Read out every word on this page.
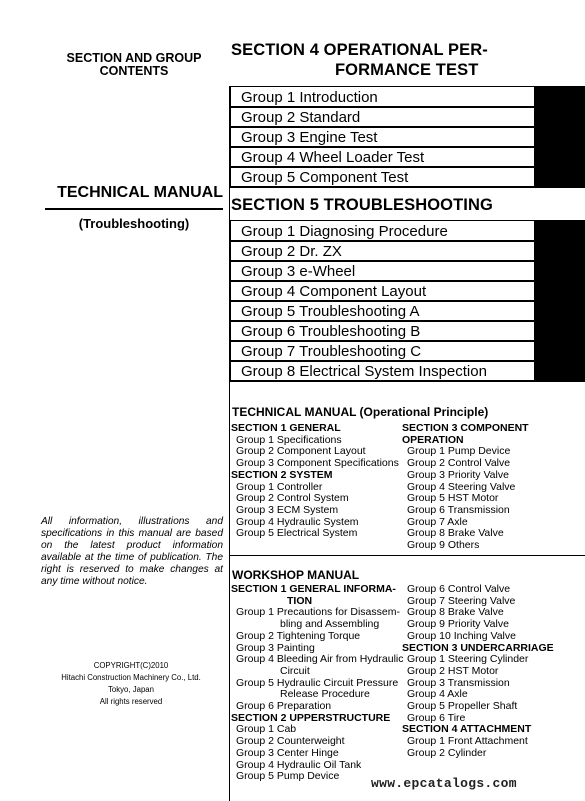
SECTION AND GROUP
CONTENTS
TECHNICAL MANUAL
(Troubleshooting)
All information, illustrations and specifications in this manual are based on the latest product information available at the time of publication. The right is reserved to make changes at any time without notice.
COPYRIGHT(C)2010
Hitachi Construction Machinery Co., Ltd.
Tokyo, Japan
All rights reserved
SECTION 4 OPERATIONAL PER-
FORMANCE TEST
Group 1 Introduction
Group 2 Standard
Group 3 Engine Test
Group 4 Wheel Loader Test
Group 5 Component Test
SECTION 5 TROUBLESHOOTING
Group 1 Diagnosing Procedure
Group 2 Dr. ZX
Group 3 e-Wheel
Group 4 Component Layout
Group 5 Troubleshooting A
Group 6 Troubleshooting B
Group 7 Troubleshooting C
Group 8 Electrical System Inspection
TECHNICAL MANUAL (Operational Principle)
SECTION 1 GENERAL
Group 1 Specifications
Group 2 Component Layout
Group 3 Component Specifications
SECTION 2 SYSTEM
Group 1 Controller
Group 2 Control System
Group 3 ECM System
Group 4 Hydraulic System
Group 5 Electrical System
SECTION 3 COMPONENT OPERATION
Group 1 Pump Device
Group 2 Control Valve
Group 3 Priority Valve
Group 4 Steering Valve
Group 5 HST Motor
Group 6 Transmission
Group 7 Axle
Group 8 Brake Valve
Group 9 Others
WORKSHOP MANUAL
SECTION 1 GENERAL INFORMA-
TION
Group 1 Precautions for Disassem-
bling and Assembling
Group 2 Tightening Torque
Group 3 Painting
Group 4 Bleeding Air from Hydraulic
Circuit
Group 5 Hydraulic Circuit Pressure
Release Procedure
Group 6 Preparation
SECTION 2 UPPERSTRUCTURE
Group 1 Cab
Group 2 Counterweight
Group 3 Center Hinge
Group 4 Hydraulic Oil Tank
Group 5 Pump Device
Group 6 Control Valve
Group 7 Steering Valve
Group 8 Brake Valve
Group 9 Priority Valve
Group 10 Inching Valve
SECTION 3 UNDERCARRIAGE
Group 1 Steering Cylinder
Group 2 HST Motor
Group 3 Transmission
Group 4 Axle
Group 5 Propeller Shaft
Group 6 Tire
SECTION 4 ATTACHMENT
Group 1 Front Attachment
Group 2 Cylinder
www.epcatalogs.com
